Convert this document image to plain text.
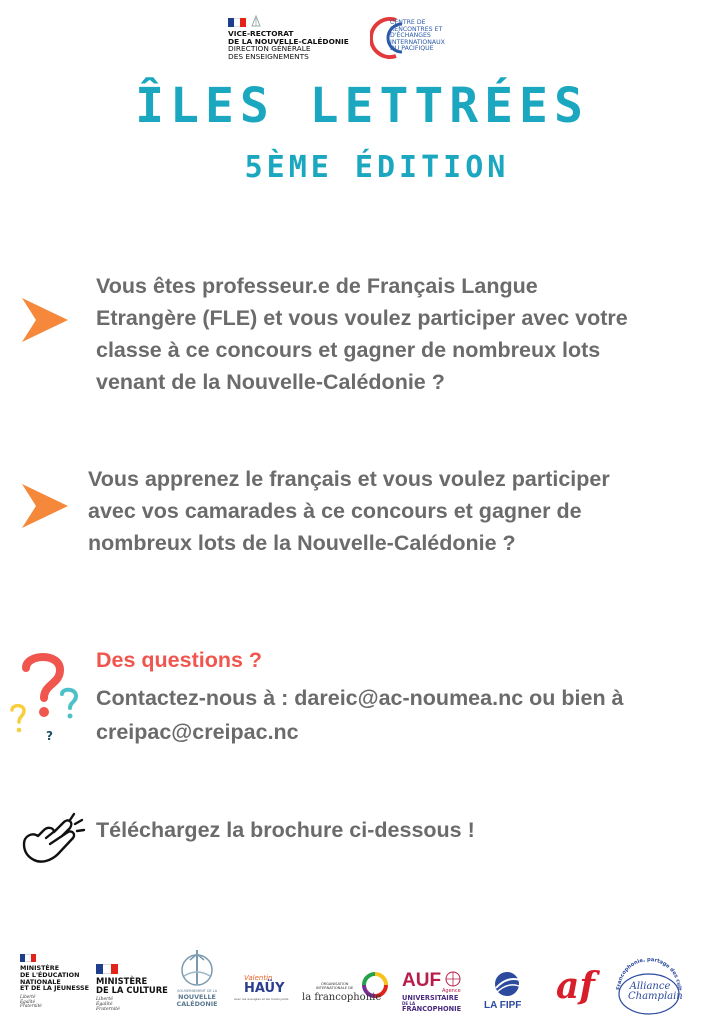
VICE-RECTORAT
DE LA NOUVELLE-CALÉDONIE
DIRECTION GÉNÉRALE
DES ENSEIGNEMENTS
CENTRE DE
RENCONTRES ET
D'ÉCHANGES
INTERNATIONAUX
DU PACIFIQUE
ÎLES LETTRÉES
5ÈME ÉDITION
Vous êtes professeur.e de Français Langue
Etrangère (FLE) et vous voulez participer avec votre
classe à ce concours et gagner de nombreux lots
venant de la Nouvelle-Calédonie ?
Vous apprenez le français et vous voulez participer
avec vos camarades à ce concours et gagner de
nombreux lots de la Nouvelle-Calédonie ?
?
Des questions ?
Contactez-nous à : dareic@ac-noumea.nc ou bien à
creipac@creipac.nc
Téléchargez la brochure ci-dessous !
MINISTÈRE
DE L'ÉDUCATION
NATIONALE
ET DE LA JEUNESSE
Liberté
Égalité
Fraternité
MINISTÈRE
DE LA CULTURE
Liberté
Égalité
Fraternité
GOUVERNEMENT DE LA
NOUVELLE
CALÉDONIE
Valentin
HAÜY
Avec les aveugles et les malvoyants
ORGANISATION
INTERNATIONALE DE
la francophonie
AUF Agence
UNIVERSITAIRE
DE LA
FRANCOPHONIE LA FIPF af	Francophonie, partage des cult
Alliance
Champlain
